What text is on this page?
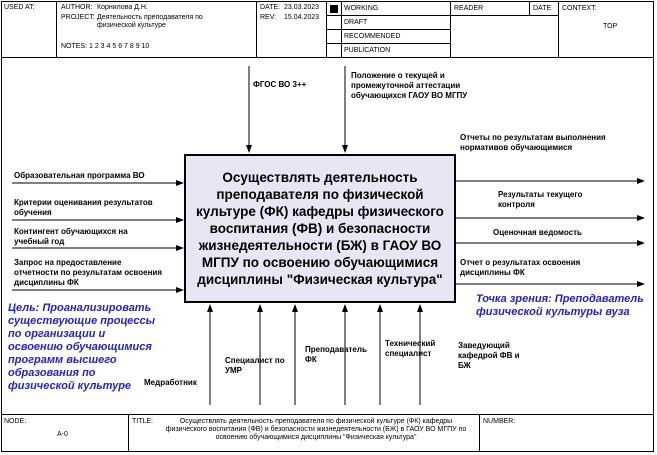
USED AT:	AUTHOR: Корнилова Д.Н.
PROJECT: Деятельность преподавателя по физической культуре
NOTES: 1 2 3 4 5 6 7 8 9 10
DATE: 23.03.2023
REV: 15.04.2023
WORKING
DRAFT
RECOMMENDED
PUBLICATION
READER	DATE CONTEXT:
TOP
Осуществлять деятельность преподавателя по физической культуре (ФК) кафедры физического воспитания (ФВ) и безопасности жизнедеятельности (БЖ) в ГАОУ ВО МГПУ по освоению обучающимися дисциплины "Физическая культура"
ФГОС ВО 3++
Положение о текущей и промежуточной аттестации обучающихся ГАОУ ВО МГПУ
Образовательная программа ВО
Критерии оценивания результатов обучения
Контингент обучающихся на учебный год
Запрос на предоставление отчетности по результатам освоения дисциплины ФК
Отчеты по результатам выполнения нормативов обучающимися
Результаты текущего контроля
Оценочная ведомость
Отчет о результатах освоения дисциплины ФК
Медработник
Специалист по УМР
Преподаватель ФК
Технический специалист
Заведующий кафедрой ФВ и БЖ
Цель: Проанализировать существующие процессы по организации и освоению обучающимися программ высшего образования по физической культуре
Точка зрения: Преподаватель физической культуры вуза
NODE:
A-0
TITLE:	Осуществлять деятельность преподавателя по физической культуре (ФК) кафедры физического воспитания (ФВ) и безопасности жизнедеятельности (БЖ) в ГАОУ ВО МГПУ по освоению обучающимися дисциплины "Физическая культура"
NUMBER:
